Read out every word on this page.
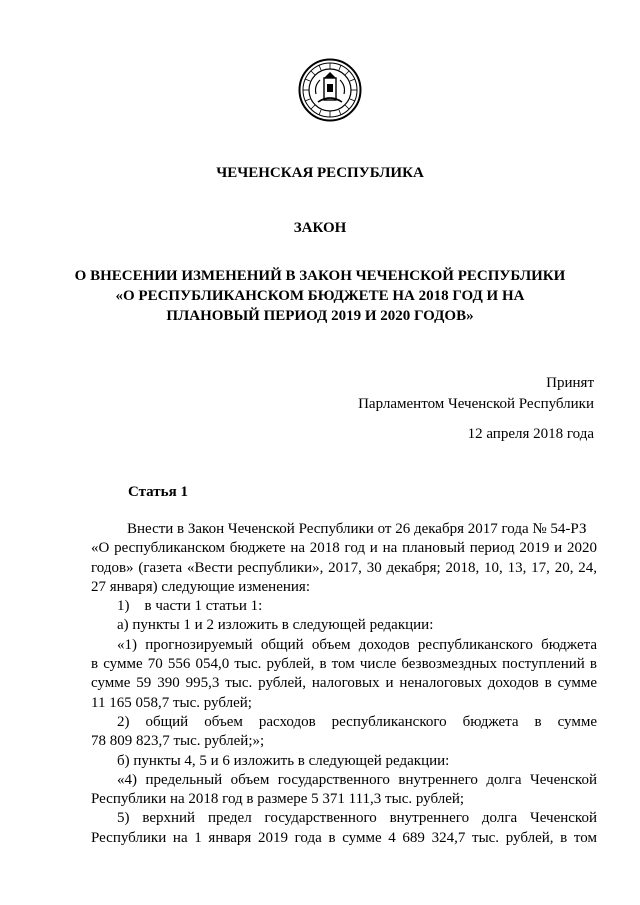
ЧЕЧЕНСКАЯ РЕСПУБЛИКА
ЗАКОН
О ВНЕСЕНИИ ИЗМЕНЕНИЙ В ЗАКОН ЧЕЧЕНСКОЙ РЕСПУБЛИКИ
«О РЕСПУБЛИКАНСКОМ БЮДЖЕТЕ НА 2018 ГОД И НА
ПЛАНОВЫЙ ПЕРИОД 2019 И 2020 ГОДОВ»
Принят
Парламентом Чеченской Республики
12 апреля 2018 года
Статья 1
Внести в Закон Чеченской Республики от 26 декабря 2017 года № 54-РЗ
«О республиканском бюджете на 2018 год и на плановый период 2019 и 2020
годов» (газета «Вести республики», 2017, 30 декабря; 2018, 10, 13, 17, 20, 24,
27 января) следующие изменения:
1)    в части 1 статьи 1:
а) пункты 1 и 2 изложить в следующей редакции:
«1) прогнозируемый общий объем доходов республиканского бюджета
в сумме 70 556 054,0 тыс. рублей, в том числе безвозмездных поступлений в
сумме 59 390 995,3 тыс. рублей, налоговых и неналоговых доходов в сумме
11 165 058,7 тыс. рублей;
2)  общий  объем  расходов  республиканского  бюджета  в  сумме
78 809 823,7 тыс. рублей;»;
б) пункты 4, 5 и 6 изложить в следующей редакции:
«4) предельный объем государственного внутреннего долга Чеченской
Республики на 2018 год в размере 5 371 111,3 тыс. рублей;
5) верхний предел государственного внутреннего долга Чеченской
Республики на 1 января 2019 года в сумме 4 689 324,7 тыс. рублей, в том
